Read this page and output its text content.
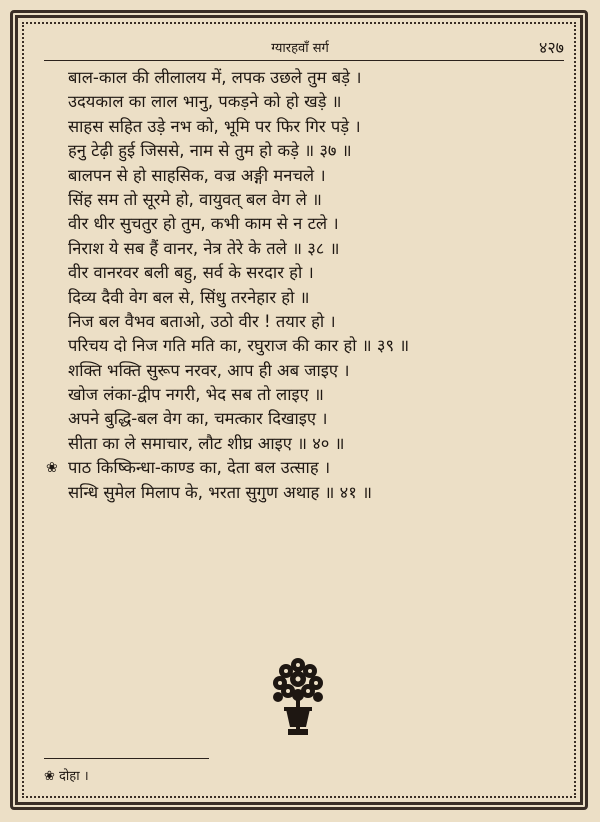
ग्यारहवाँ सर्ग	४२७
बाल-काल की लीलालय में, लपक उछले तुम बड़े ।
उदयकाल का लाल भानु, पकड़ने को हो खड़े ॥
साहस सहित उड़े नभ को, भूमि पर फिर गिर पड़े ।
हनु टेढ़ी हुई जिससे, नाम से तुम हो कड़े ॥ ३७ ॥
बालपन से हो साहसिक, वज्र अङ्गी मनचले ।
सिंह सम तो सूरमे हो, वायुवत् बल वेग ले ॥
वीर धीर सुचतुर हो तुम, कभी काम से न टले ।
निराश ये सब हैं वानर, नेत्र तेरे के तले ॥ ३८ ॥
वीर वानरवर बली बहु, सर्व के सरदार हो ।
दिव्य दैवी वेग बल से, सिंधु तरनेहार हो ॥
निज बल वैभव बताओ, उठो वीर ! तयार हो ।
परिचय दो निज गति मति का, रघुराज की कार हो ॥ ३९ ॥
शक्ति भक्ति सुरूप नरवर, आप ही अब जाइए ।
खोज लंका-द्वीप नगरी, भेद सब तो लाइए ॥
अपने बुद्धि-बल वेग का, चमत्कार दिखाइए ।
सीता का ले समाचार, लौट शीघ्र आइए ॥ ४० ॥
❀ पाठ किष्किन्धा-काण्ड का, देता बल उत्साह ।
सन्धि सुमेल मिलाप के, भरता सुगुण अथाह ॥ ४१ ॥
❀ दोहा ।
